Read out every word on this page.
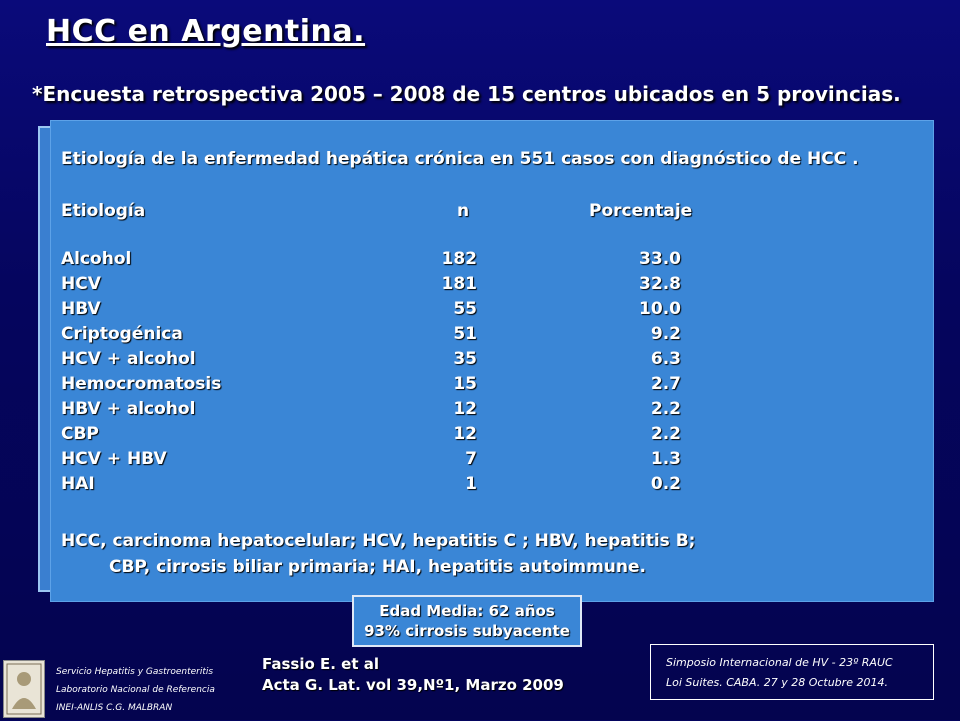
HCC en Argentina.
*Encuesta retrospectiva 2005 – 2008 de 15 centros ubicados en 5 provincias.
Etiología de la enfermedad hepática crónica en 551 casos con diagnóstico de HCC .
Etiología	n	Porcentaje
Alcohol	182	33.0
HCV	181	32.8
HBV	55	10.0
Criptogénica	51	9.2
HCV + alcohol	35	6.3
Hemocromatosis	15	2.7
HBV + alcohol	12	2.2
CBP	12	2.2
HCV + HBV	7	1.3
HAI	1	0.2
HCC, carcinoma hepatocelular; HCV, hepatitis C ; HBV, hepatitis B;
CBP, cirrosis biliar primaria; HAI, hepatitis autoimmune.
Edad Media: 62 años
93% cirrosis subyacente
Fassio E. et al
Acta G. Lat. vol 39,Nº1, Marzo 2009
Servicio Hepatitis y Gastroenteritis
Laboratorio Nacional de Referencia
INEI-ANLIS C.G. MALBRAN
Simposio Internacional de HV - 23º RAUC
Loi Suites. CABA. 27 y 28 Octubre 2014.
